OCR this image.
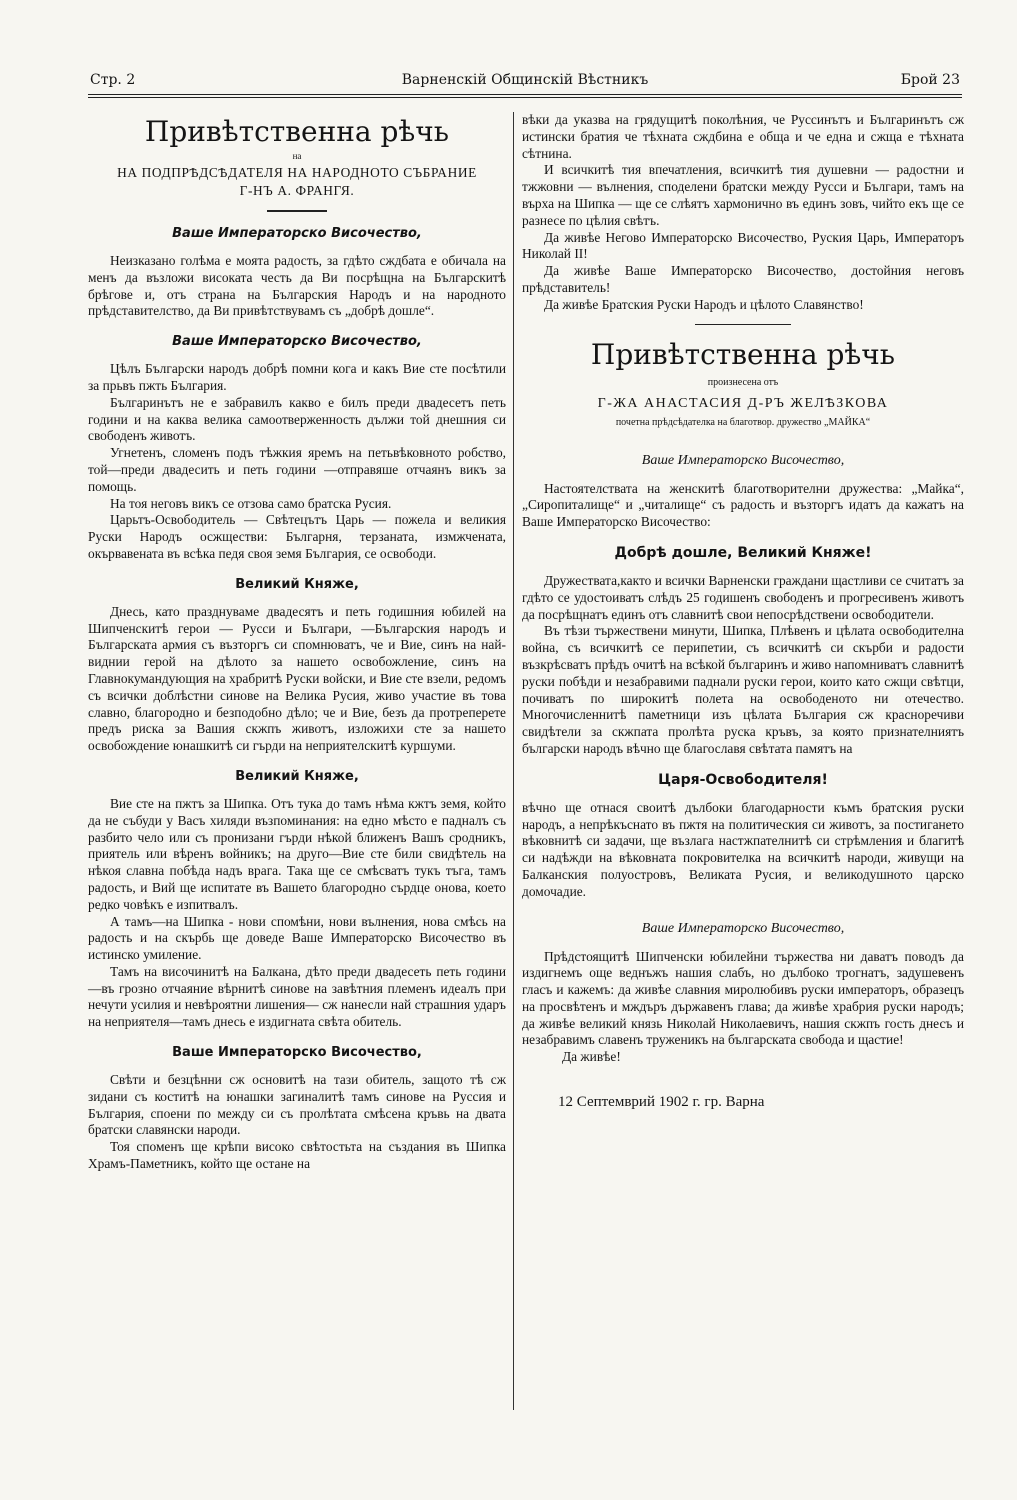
Стр. 2	Варненскiй Общинскiй Вѣстникъ	Брой 23
Привѣтственна рѣчь
на
НА ПОДПРѢДСѢДАТЕЛЯ НА НАРОДНОТО СЪБРАНИЕ
Г-НЪ А. ФРАНГЯ.
Ваше Императорско Височество,

Неизказано голѣма е моята радость, за гдѣто сждбата е обичала на менъ да възложи високата честь да Ви посрѣщна на Българскитѣ брѣгове и, отъ страна на Българския Народъ и на народното прѣдставителство, да Ви привѣтствувамъ съ „добрѣ дошле“.

Ваше Императорско Височество,

Цѣлъ Български народъ добрѣ помни кога и какъ Вие сте посѣтили за прьвъ пжть България.

Българинътъ не е забравилъ какво е билъ преди двадесетъ петь години и на каква велика самоотверженность дължи той днешния си свободенъ животъ.

Угнетенъ, сломенъ подъ тѣжкия яремъ на петьвѣковното робство, той—преди двадесить и петь години —отправяше отчаянъ викъ за помощь.

На тоя неговъ викъ се отзова само братска Русия.

Царьтъ-Освободитель — Свѣтецътъ Царь — пожела и великия Руски Народъ осжществи: Българня, терзаната, измжчената, окървавената въ всѣка педя своя земя България, се освободи.

Великий Княже,

Днесь, като празднуваме двадесятъ и петь годишния юбилей на Шипченскитѣ герои — Русси и Българи, —Българския народъ и Българската армия съ възторгъ си спомнюватъ, че и Вие, синъ на най-виднии герой на дѣлото за нашето освобожление, синъ на Главнокумандующия на храбритѣ Руски войски, и Вие сте взели, редомъ съ всички доблѣстни синове на Велика Русия, живо участие въ това славно, благородно и безподобно дѣло; че и Вие, безъ да протреперете предъ риска за Вашия скжпъ животъ, изложихи сте за нашето освобождение юнашкитѣ си гърди на неприятелскитѣ куршуми.

Великий Княже,

Вие сте на пжтъ за Шипка. Отъ тука до тамъ нѣма кжтъ земя, който да не събуди у Васъ хиляди възпоминания: на едно мѣсто е падналъ съ разбито чело или съ пронизани гърди нѣкой ближенъ Вашъ сродникъ, приятель или вѣренъ войникъ; на друго—Вие сте били свидѣтель на нѣкоя славна побѣда надъ врага. Така ще се смѣсватъ тукъ тъга, тамъ радость, и Вий ще испитате въ Вашето благородно сърдце онова, което редко човѣкъ е изпитвалъ.

А тамъ—на Шипка - нови спомѣни, нови вълнения, нова смѣсь на радость и на скърбь ще доведе Ваше Императорско Височество въ истинско умиление.

Тамъ на височинитѣ на Балкана, дѣто преди двадесеть петь години—въ грозно отчаяние вѣрнитѣ синове на завѣтния племенъ идеалъ при нечути усилия и невѣроятни лишения— сж нанесли най страшния ударъ на неприятеля—тамъ днесь е издигната свѣта обитель.

Ваше Императорско Височество,

Свѣти и безцѣнни сж основитѣ на тази обитель, защото тѣ сж зидани съ коститѣ на юнашки загиналитѣ тамъ синове на Руссия и България, споени по между си съ пролѣтата смѣсена кръвь на двата братски славянски народи.

Тоя споменъ ще крѣпи високо свѣтостьта на създания въ Шипка Храмъ-Паметникъ, който ще остане на

вѣки да указва на грядущитѣ поколѣния, че Руссинътъ и Българинътъ сж истински братия че тѣхната сждбина е обща и че една и сжща е тѣхната сѣтнина.

И всичкитѣ тия впечатления, всичкитѣ тия душевни — радостни и тжжовни — вълнения, споделени братски между Русси и Българи, тамъ на върха на Шипка — ще се слѣятъ хармонично въ единъ зовъ, чийто екъ ще се разнесе по цѣлия свѣтъ.

Да живѣе Негово Императорско Височество, Руския Царь, Императоръ Николай II!

Да живѣе Ваше Императорско Височество, достойния неговъ прѣдставитель!

Да живѣе Братския Руски Народъ и цѣлото Славянство!

Привѣтственна рѣчь
произнесена отъ
Г-ЖА АНАСТАСИЯ Д-РЪ ЖЕЛѢЗКОВА
почетна прѣдсѣдателка на благотвор. дружество „МАЙКА“
Ваше Императорско Височество,

Настоятелствата на женскитѣ благотворителни дружества: „Майка“, „Сиропиталище“ и „читалище“ съ радость и възторгъ идатъ да кажатъ на Ваше Императорско Височество:

Добрѣ дошле, Великий Княже!

Дружествата,както и всички Варненски граждани щастливи се считатъ за гдѣто се удостоиватъ слѣдъ 25 годишенъ свободенъ и прогресивенъ животъ да посрѣщнатъ единъ отъ славнитѣ свои непосрѣдствени освободители.

Въ тѣзи тържествени минути, Шипка, Плѣвенъ и цѣлата освободителна война, съ всичкитѣ се перипетии, съ всичкитѣ си скърби и радости възкрѣсватъ прѣдъ очитѣ на всѣкой българинъ и живо напомниватъ славнитѣ руски побѣди и незабравими паднали руски герои, които като сжщи свѣтци, почиватъ по широкитѣ полета на освободеното ни отечество. Многочисленнитѣ паметници изъ цѣлата България сж красноречиви свидѣтели за скжпата пролѣта руска кръвъ, за която признателниятъ български народъ вѣчно ще благославя свѣтата памятъ на

Царя-Освободителя!

вѣчно ще отнася своитѣ дълбоки благодарности къмъ братския руски народъ, а непрѣкъснато въ пжтя на политическия си животъ, за постигането вѣковнитѣ си задачи, ще възлага настжпателнитѣ си стрѣмления и благитѣ си надѣжди на вѣковната покровителка на всичкитѣ народи, живущи на Балканския полуостровъ, Великата Русия, и великодушното царско домочадие.

Ваше Императорско Височество,

Прѣдстоящитѣ Шипченски юбилейни тържества ни даватъ поводъ да издигнемъ още веднъжъ нашия слабъ, но дълбоко трогнатъ, задушевенъ гласъ и кажемъ: да живѣе славния миролюбивъ руски императоръ, образецъ на просвѣтенъ и мждъръ държавенъ глава; да живѣе храбрия руски народъ; да живѣе великий князь Николай Николаевичъ, нашия скжпъ гость днесъ и незабравимъ славенъ труженикъ на българската свобода и щастие!

Да живѣе!

12 Септемврий 1902 г. гр. Варна
